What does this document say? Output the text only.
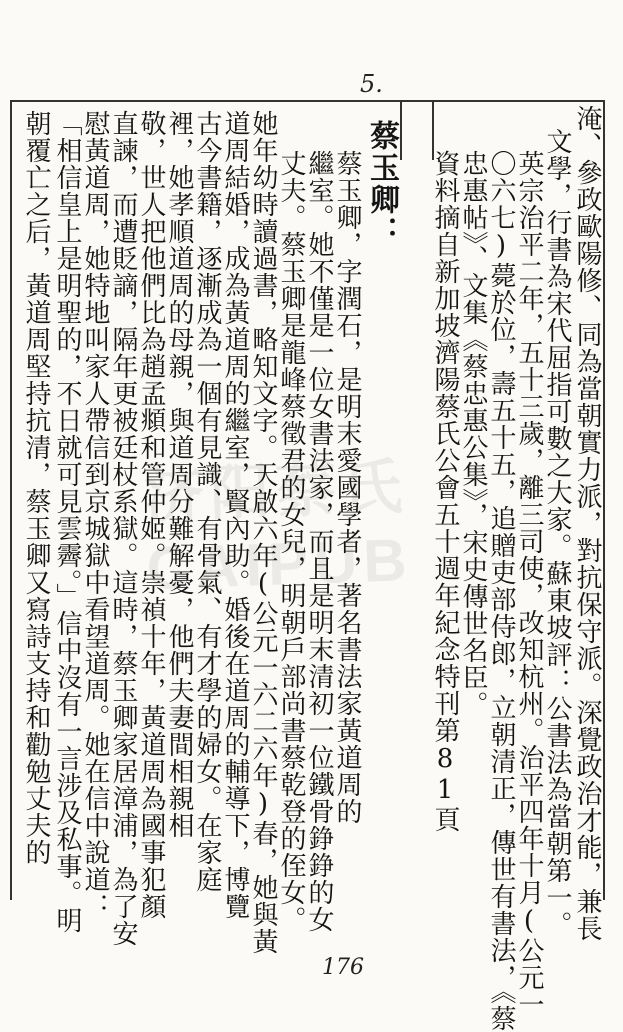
济阳蔡氏 CAIPUB
5.
淹、參政歐陽修、同為當朝實力派，對抗保守派。深覺政治才能，兼長
文學，行書為宋代屈指可數之大家。蘇東坡評：公書法為當朝第一。
英宗治平二年，五十三歲，離三司使，改知杭州。治平四年十月(公元一
〇六七)薨於位，壽五十五，追贈吏部侍郎，立朝清正，傳世有書法，《蔡
忠惠帖》、文集《蔡忠惠公集》，宋史傳世名臣。
資料摘自新加坡濟陽蔡氏公會五十週年紀念特刊第81頁
蔡玉卿：
蔡玉卿，字潤石，是明末愛國學者，著名書法家黃道周的
繼室。她不僅是一位女書法家，而且是明末清初一位鐵骨錚錚的女
丈夫。蔡玉卿是龍峰蔡徵君的女兒，明朝戶部尚書蔡乾登的侄女。
她年幼時讀過書，略知文字。天啟六年(公元一六二六年)春，她與黃
道周結婚，成為黃道周的繼室，賢內助。婚後在道周的輔導下，博覽
古今書籍，逐漸成為一個有見識、有骨氣、有才學的婦女。在家庭
裡，她孝順道周的母親，與道周分難解憂，他們夫妻間相親相
敬，世人把他們比為趙孟頫和管仲姬。崇禎十年，黃道周為國事犯顏
直諫，而遭貶謫，隔年更被廷杖系獄。這時，蔡玉卿家居漳浦，為了安
慰黃道周，她特地叫家人帶信到京城獄中看望道周。她在信中說道：
「相信皇上是明聖的，不日就可見雲霽。」信中沒有一言涉及私事。明
朝覆亡之后，黃道周堅持抗清，蔡玉卿又寫詩支持和勸勉丈夫的
176
